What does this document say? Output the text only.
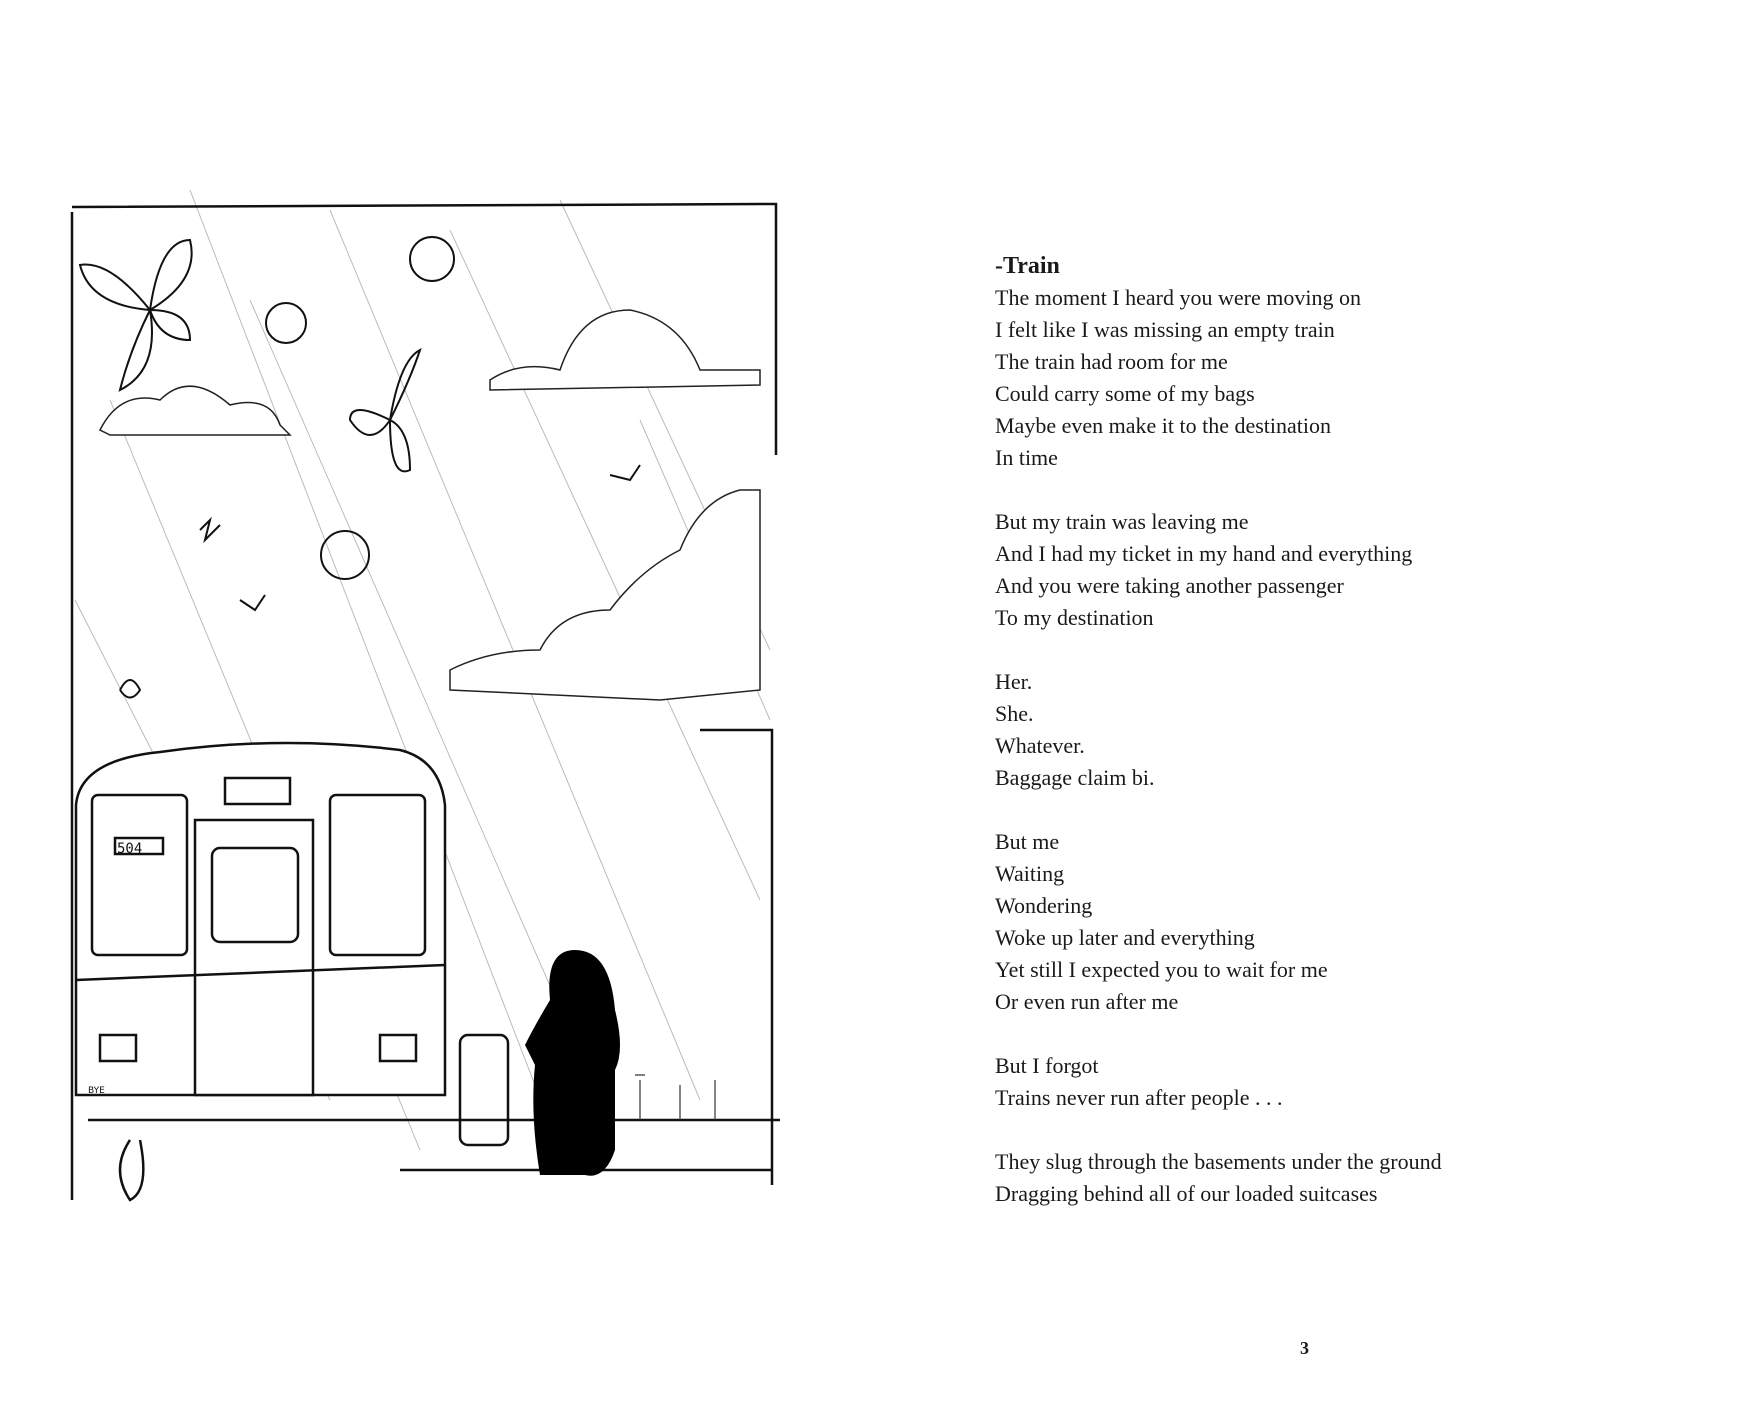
504
BYE
-Train
The moment I heard you were moving on
I felt like I was missing an empty train
The train had room for me
Could carry some of my bags
Maybe even make it to the destination
In time
But my train was leaving me
And I had my ticket in my hand and everything
And you were taking another passenger
To my destination
Her.
She.
Whatever.
Baggage claim bi.
But me
Waiting
Wondering
Woke up later and everything
Yet still I expected you to wait for me
Or even run after me
But I forgot
Trains never run after people . . .
They slug through the basements under the ground
Dragging behind all of our loaded suitcases
3
